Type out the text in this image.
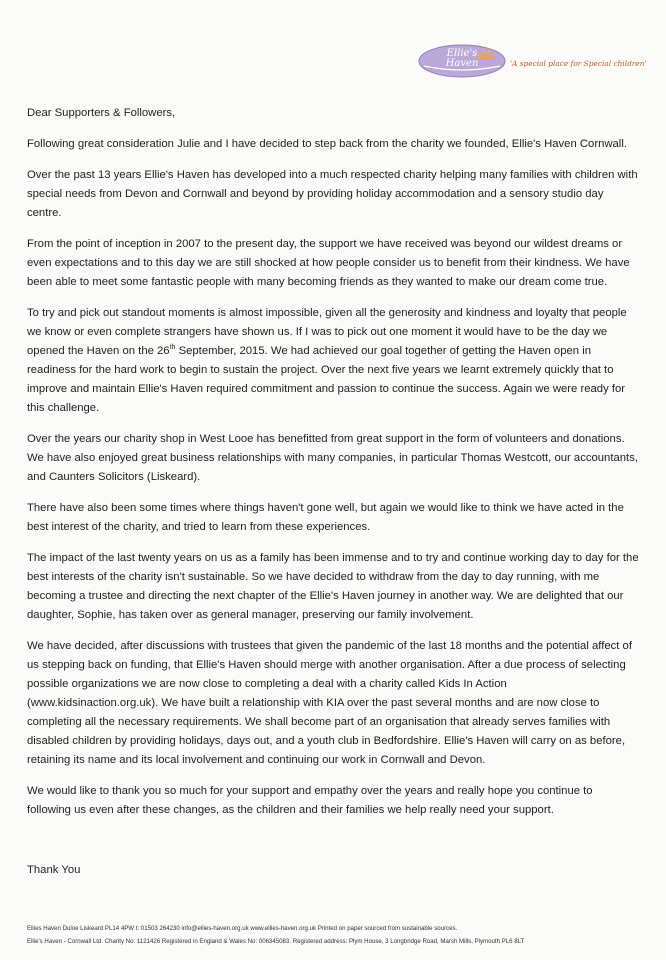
Ellie's Haven	'A special place for Special children'

Dear Supporters & Followers,

Following great consideration Julie and I have decided to step back from the charity we founded, Ellie's Haven Cornwall.

Over the past 13 years Ellie's Haven has developed into a much respected charity helping many families with children with special needs from Devon and Cornwall and beyond by providing holiday accommodation and a sensory studio day centre.

From the point of inception in 2007 to the present day, the support we have received was beyond our wildest dreams or even expectations and to this day we are still shocked at how people consider us to benefit from their kindness. We have been able to meet some fantastic people with many becoming friends as they wanted to make our dream come true.

To try and pick out standout moments is almost impossible, given all the generosity and kindness and loyalty that people we know or even complete strangers have shown us. If I was to pick out one moment it would have to be the day we opened the Haven on the 26th September, 2015. We had achieved our goal together of getting the Haven open in readiness for the hard work to begin to sustain the project. Over the next five years we learnt extremely quickly that to improve and maintain Ellie's Haven required commitment and passion to continue the success. Again we were ready for this challenge.

Over the years our charity shop in West Looe has benefitted from great support in the form of volunteers and donations. We have also enjoyed great business relationships with many companies, in particular Thomas Westcott, our accountants, and Caunters Solicitors (Liskeard).

There have also been some times where things haven't gone well, but again we would like to think we have acted in the best interest of the charity, and tried to learn from these experiences.

The impact of the last twenty years on us as a family has been immense and to try and continue working day to day for the best interests of the charity isn't sustainable. So we have decided to withdraw from the day to day running, with me becoming a trustee and directing the next chapter of the Ellie's Haven journey in another way. We are delighted that our daughter, Sophie, has taken over as general manager, preserving our family involvement.

We have decided, after discussions with trustees that given the pandemic of the last 18 months and the potential affect of us stepping back on funding, that Ellie's Haven should merge with another organisation. After a due process of selecting possible organizations we are now close to completing a deal with a charity called Kids In Action (www.kidsinaction.org.uk). We have built a relationship with KIA over the past several months and are now close to completing all the necessary requirements. We shall become part of an organisation that already serves families with disabled children by providing holidays, days out, and a youth club in Bedfordshire. Ellie's Haven will carry on as before, retaining its name and its local involvement and continuing our work in Cornwall and Devon.

We would like to thank you so much for your support and empathy over the years and really hope you continue to following us even after these changes, as the children and their families we help really need your support.

Thank You
Ellies Haven Duloe Liskeard PL14 4PW t: 01503 264230 info@ellies-haven.org.uk www.ellies-haven.org.uk Printed on paper sourced from sustainable sources.
Ellie's Haven - Cornwall Ltd. Charity No: 1121426 Registered in England & Wales No: 006345083. Registered address: Plym House, 3 Longbridge Road, Marsh Mills, Plymouth PL6 8LT
